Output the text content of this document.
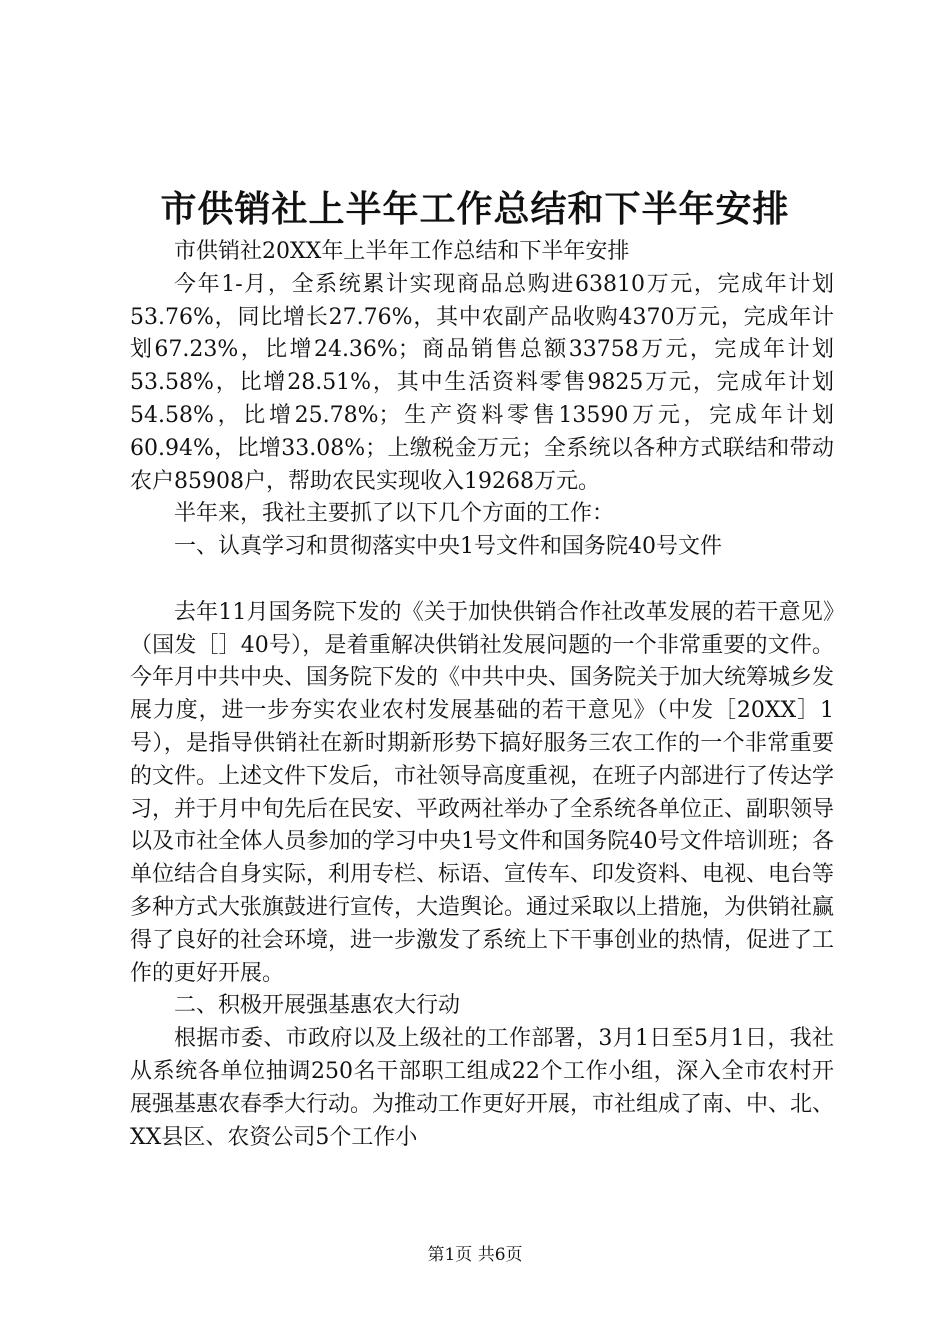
市供销社上半年工作总结和下半年安排

市供销社20XX年上半年工作总结和下半年安排

今年1-月，全系统累计实现商品总购进63810万元，完成年计划53.76%，同比增长27.76%，其中农副产品收购4370万元，完成年计划67.23%，比增24.36%；商品销售总额33758万元，完成年计划53.58%，比增28.51%，其中生活资料零售9825万元，完成年计划54.58%，比增25.78%；生产资料零售13590万元，完成年计划60.94%，比增33.08%；上缴税金万元；全系统以各种方式联结和带动农户85908户，帮助农民实现收入19268万元。

半年来，我社主要抓了以下几个方面的工作：

一、认真学习和贯彻落实中央1号文件和国务院40号文件

去年11月国务院下发的《关于加快供销合作社改革发展的若干意见》（国发［］40号），是着重解决供销社发展问题的一个非常重要的文件。今年月中共中央、国务院下发的《中共中央、国务院关于加大统筹城乡发展力度，进一步夯实农业农村发展基础的若干意见》（中发［20XX］1号），是指导供销社在新时期新形势下搞好服务三农工作的一个非常重要的文件。上述文件下发后，市社领导高度重视，在班子内部进行了传达学习，并于月中旬先后在民安、平政两社举办了全系统各单位正、副职领导以及市社全体人员参加的学习中央1号文件和国务院40号文件培训班；各单位结合自身实际，利用专栏、标语、宣传车、印发资料、电视、电台等多种方式大张旗鼓进行宣传，大造舆论。通过采取以上措施，为供销社赢得了良好的社会环境，进一步激发了系统上下干事创业的热情，促进了工作的更好开展。

二、积极开展强基惠农大行动

根据市委、市政府以及上级社的工作部署，3月1日至5月1日，我社从系统各单位抽调250名干部职工组成22个工作小组，深入全市农村开展强基惠农春季大行动。为推动工作更好开展，市社组成了南、中、北、XX县区、农资公司5个工作小

第1页 共6页
